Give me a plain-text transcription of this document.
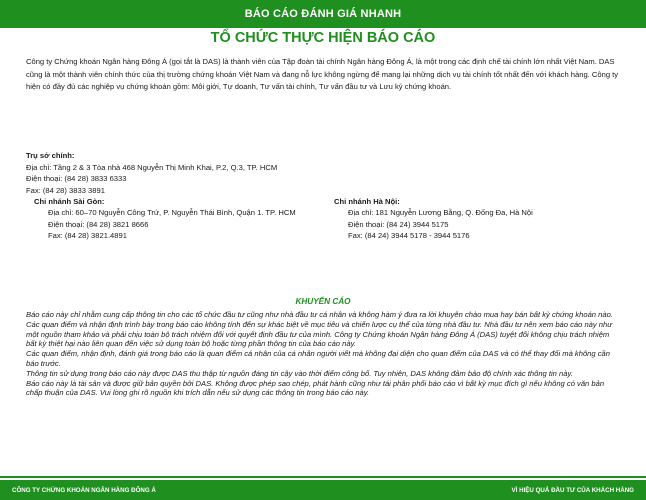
BÁO CÁO ĐÁNH GIÁ NHANH
TỔ CHỨC THỰC HIỆN BÁO CÁO

Công ty Chứng khoán Ngân hàng Đông Á (gọi tắt là DAS) là thành viên của Tập đoàn tài chính Ngân hàng Đông Á, là một trong các định chế tài chính lớn nhất Việt Nam. DAS cũng là một thành viên chính thức của thị trường chứng khoán Việt Nam và đang nỗ lực không ngừng để mang lại những dịch vụ tài chính tốt nhất đến với khách hàng. Công ty hiện có đầy đủ các nghiệp vụ chứng khoán gồm: Môi giới, Tự doanh, Tư vấn tài chính, Tư vấn đầu tư và Lưu ký chứng khoán.

Trụ sở chính:
Địa chỉ: Tầng 2 & 3 Tòa nhà 468 Nguyễn Thị Minh Khai, P.2, Q.3, TP. HCM
Điện thoại: (84 28) 3833 6333
Fax: (84 28) 3833 3891
Chi nhánh Sài Gòn:
Địa chỉ: 60–70 Nguyễn Công Trứ, P. Nguyễn Thái Bình, Quận 1. TP. HCM
Điện thoại: (84 28) 3821 8666
Fax: (84 28) 3821.4891
Chi nhánh Hà Nội:
Địa chỉ: 181 Nguyễn Lương Bằng, Q. Đống Đa, Hà Nội
Điện thoại: (84 24) 3944 5175
Fax: (84 24) 3944 5178 - 3944 5176
KHUYẾN CÁO

Báo cáo này chỉ nhằm cung cấp thông tin cho các tổ chức đầu tư cũng như nhà đầu tư cá nhân và không hàm ý đưa ra lời khuyên chào mua hay bán bất kỳ chứng khoán nào. Các quan điểm và nhận định trình bày trong báo cáo không tính đến sự khác biệt về mục tiêu và chiến lược cụ thể của từng nhà đầu tư. Nhà đầu tư nên xem báo cáo này như một nguồn tham khảo và phải chịu toàn bộ trách nhiệm đối với quyết định đầu tư của mình. Công ty Chứng khoán Ngân hàng Đông Á (DAS) tuyệt đối không chịu trách nhiệm bất kỳ thiệt hại nào liên quan đến việc sử dụng toàn bộ hoặc từng phần thông tin của báo cáo này.

Các quan điểm, nhận định, đánh giá trong báo cáo là quan điểm cá nhân của cá nhân người viết mà không đại diện cho quan điểm của DAS và có thể thay đổi mà không cần báo trước.

Thông tin sử dụng trong báo cáo này được DAS thu thập từ nguồn đáng tin cậy vào thời điểm công bố. Tuy nhiên, DAS không đảm bảo độ chính xác thông tin này.

Báo cáo này là tài sản và được giữ bản quyền bởi DAS. Không được phép sao chép, phát hành cũng như tái phân phối báo cáo vì bất kỳ mục đích gì nếu không có văn bản chấp thuận của DAS. Vui lòng ghi rõ nguồn khi trích dẫn nếu sử dụng các thông tin trong báo cáo này.

CÔNG TY CHỨNG KHOÁN NGÂN HÀNG ĐÔNG Á	VÌ HIỆU QUẢ ĐẦU TƯ CỦA KHÁCH HÀNG
